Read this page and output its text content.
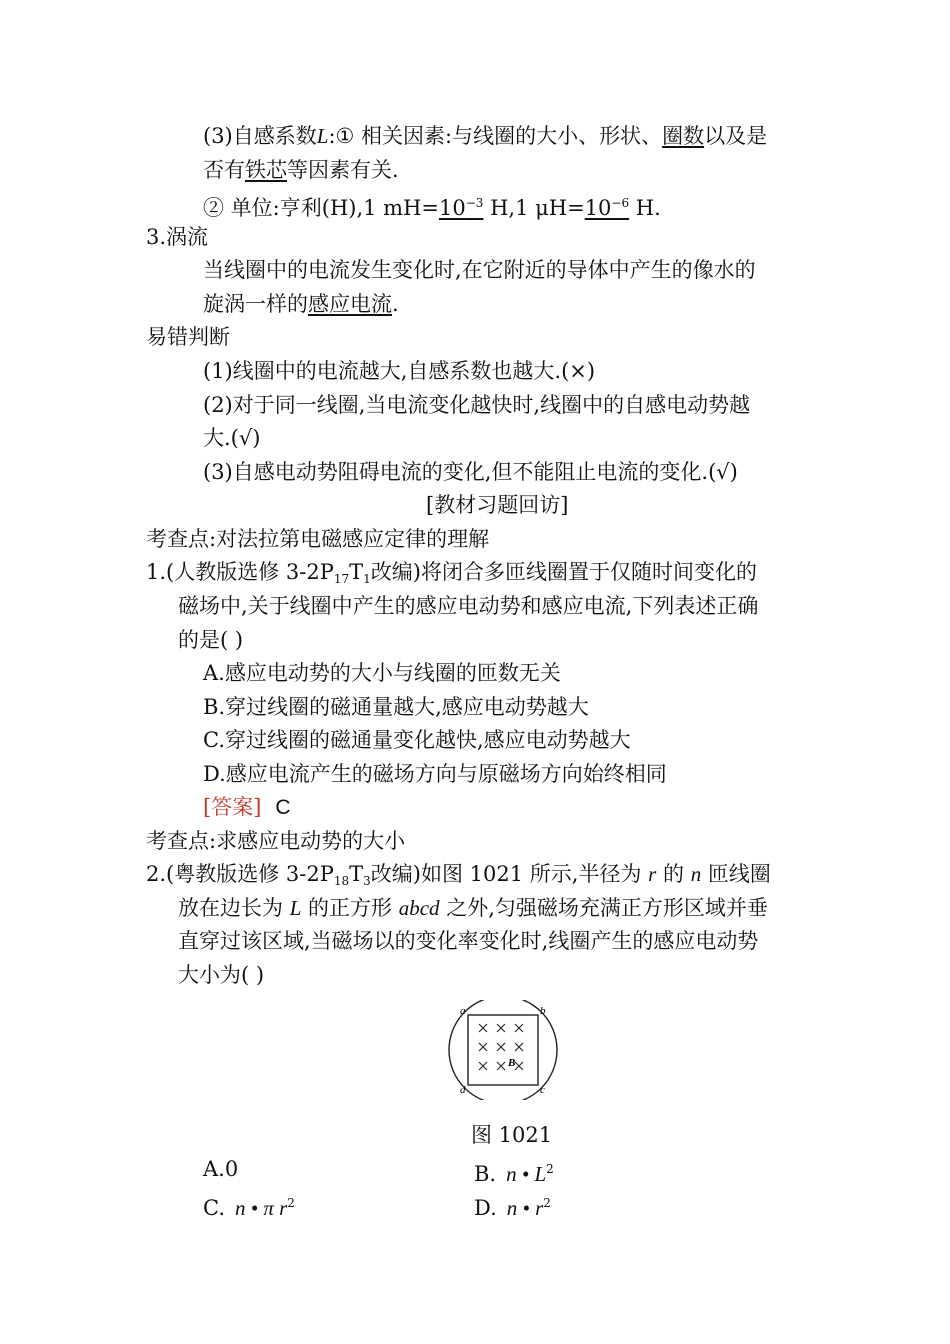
(3)自感系数L:① 相关因素:与线圈的大小、形状、圈数以及是
否有铁芯等因素有关.
② 单位:亨利(H),1 $mH=10^{-3}$ H,1 $\mu H=10^{-6}$ H.
3.涡流
当线圈中的电流发生变化时,在它附近的导体中产生的像水的
旋涡一样的感应电流.
易错判断
(1)线圈中的电流越大,自感系数也越大.(×)
(2)对于同一线圈,当电流变化越快时,线圈中的自感电动势越
大.(√)
(3)自感电动势阻碍电流的变化,但不能阻止电流的变化.(√)
[教材习题回访]
考查点:对法拉第电磁感应定律的理解
1.(人教版选修 $3-2P_{17}T_1$改编)将闭合多匝线圈置于仅随时间变化的
磁场中,关于线圈中产生的感应电动势和感应电流,下列表述正确
的是( )
A.感应电动势的大小与线圈的匝数无关
B.穿过线圈的磁通量越大,感应电动势越大
C.穿过线圈的磁通量变化越快,感应电动势越大
D.感应电流产生的磁场方向与原磁场方向始终相同
[答案] C
考查点:求感应电动势的大小
2.(粤教版选修 $3-2P_{18}T_3$改编)如图 1021 所示,半径为 r 的 n 匝线圈
放在边长为 L 的正方形 abcd 之外,匀强磁场充满正方形区域并垂
直穿过该区域,当磁场以的变化率变化时,线圈产生的感应电动势
大小为( )
a	b
c
d
B
图 1021
A.0	B. n • $L^2$
C. n • π $r^2$	D. n • $r^2$
